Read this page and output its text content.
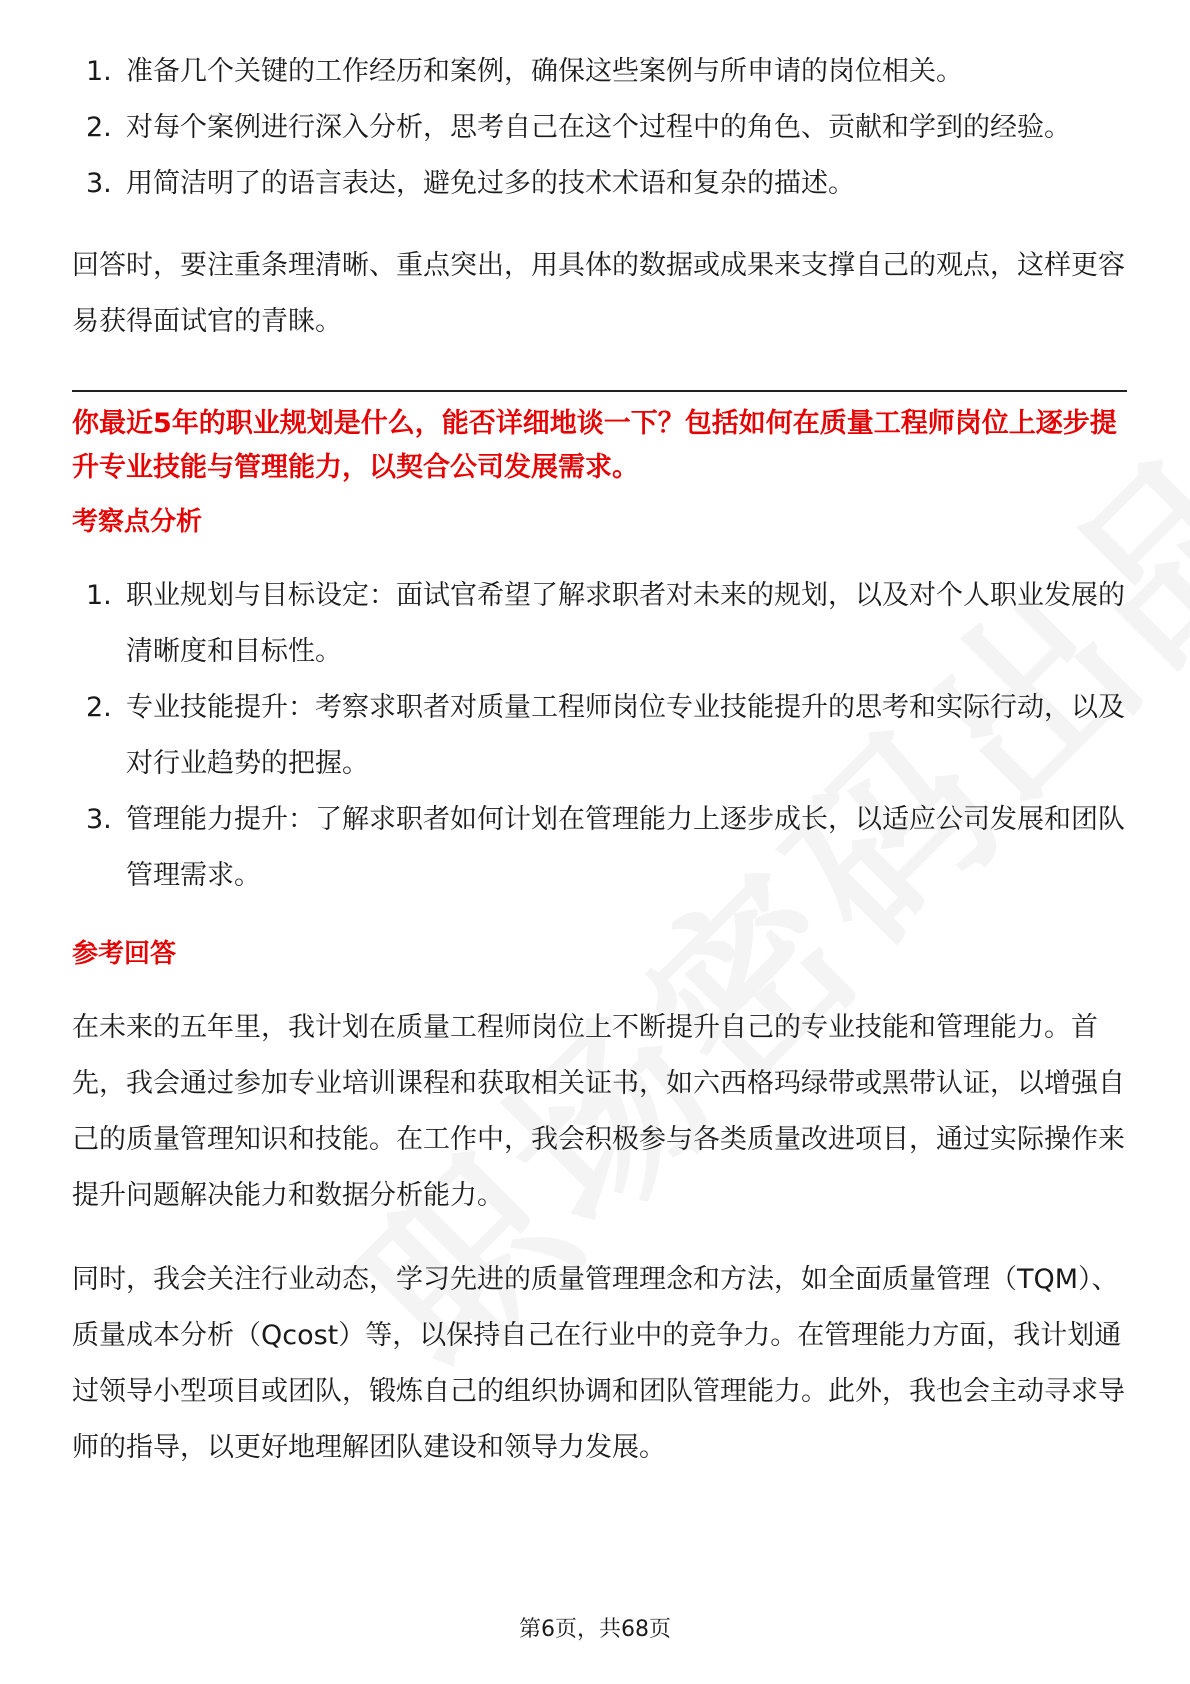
1. 准备几个关键的工作经历和案例，确保这些案例与所申请的岗位相关。
2. 对每个案例进行深入分析，思考自己在这个过程中的角色、贡献和学到的经验。
3. 用简洁明了的语言表达，避免过多的技术术语和复杂的描述。

回答时，要注重条理清晰、重点突出，用具体的数据或成果来支撑自己的观点，这样更容易获得面试官的青睐。

你最近5年的职业规划是什么，能否详细地谈一下？包括如何在质量工程师岗位上逐步提升专业技能与管理能力，以契合公司发展需求。

考察点分析

1. 职业规划与目标设定：面试官希望了解求职者对未来的规划，以及对个人职业发展的清晰度和目标性。
2. 专业技能提升：考察求职者对质量工程师岗位专业技能提升的思考和实际行动，以及对行业趋势的把握。
3. 管理能力提升：了解求职者如何计划在管理能力上逐步成长，以适应公司发展和团队管理需求。

参考回答

在未来的五年里，我计划在质量工程师岗位上不断提升自己的专业技能和管理能力。首先，我会通过参加专业培训课程和获取相关证书，如六西格玛绿带或黑带认证，以增强自己的质量管理知识和技能。在工作中，我会积极参与各类质量改进项目，通过实际操作来提升问题解决能力和数据分析能力。

同时，我会关注行业动态，学习先进的质量管理理念和方法，如全面质量管理（TQM）、质量成本分析（Qcost）等，以保持自己在行业中的竞争力。在管理能力方面，我计划通过领导小型项目或团队，锻炼自己的组织协调和团队管理能力。此外，我也会主动寻求导师的指导，以更好地理解团队建设和领导力发展。

第6页，共68页
